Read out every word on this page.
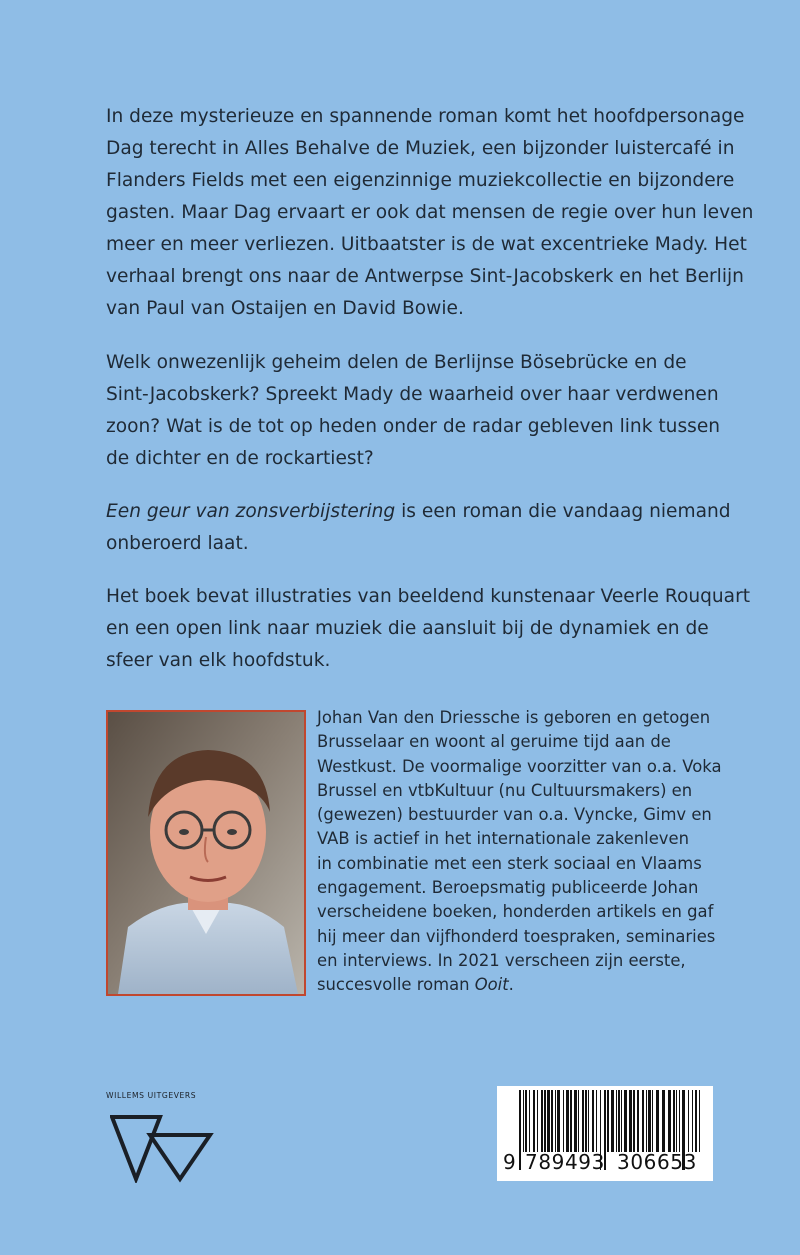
In deze mysterieuze en spannende roman komt het hoofdpersonage
Dag terecht in Alles Behalve de Muziek, een bijzonder luistercafé in
Flanders Fields met een eigenzinnige muziekcollectie en bijzondere
gasten. Maar Dag ervaart er ook dat mensen de regie over hun leven
meer en meer verliezen. Uitbaatster is de wat excentrieke Mady. Het
verhaal brengt ons naar de Antwerpse Sint-Jacobskerk en het Berlijn
van Paul van Ostaijen en David Bowie.

Welk onwezenlijk geheim delen de Berlijnse Bösebrücke en de
Sint-Jacobskerk? Spreekt Mady de waarheid over haar verdwenen
zoon? Wat is de tot op heden onder de radar gebleven link tussen
de dichter en de rockartiest?

Een geur van zonsverbijstering is een roman die vandaag niemand
onberoerd laat.

Het boek bevat illustraties van beeldend kunstenaar Veerle Rouquart
en een open link naar muziek die aansluit bij de dynamiek en de
sfeer van elk hoofdstuk.

Johan Van den Driessche is geboren en getogen
Brusselaar en woont al geruime tijd aan de
Westkust. De voormalige voorzitter van o.a. Voka
Brussel en vtbKultuur (nu Cultuursmakers) en
(gewezen) bestuurder van o.a. Vyncke, Gimv en
VAB is actief in het internationale zakenleven
in combinatie met een sterk sociaal en Vlaams
engagement. Beroepsmatig publiceerde Johan
verscheidene boeken, honderden artikels en gaf
hij meer dan vijfhonderd toespraken, seminaries
en interviews. In 2021 verscheen zijn eerste,
succesvolle roman Ooit.

WILLEMS UITGEVERS
9 789493 306653
